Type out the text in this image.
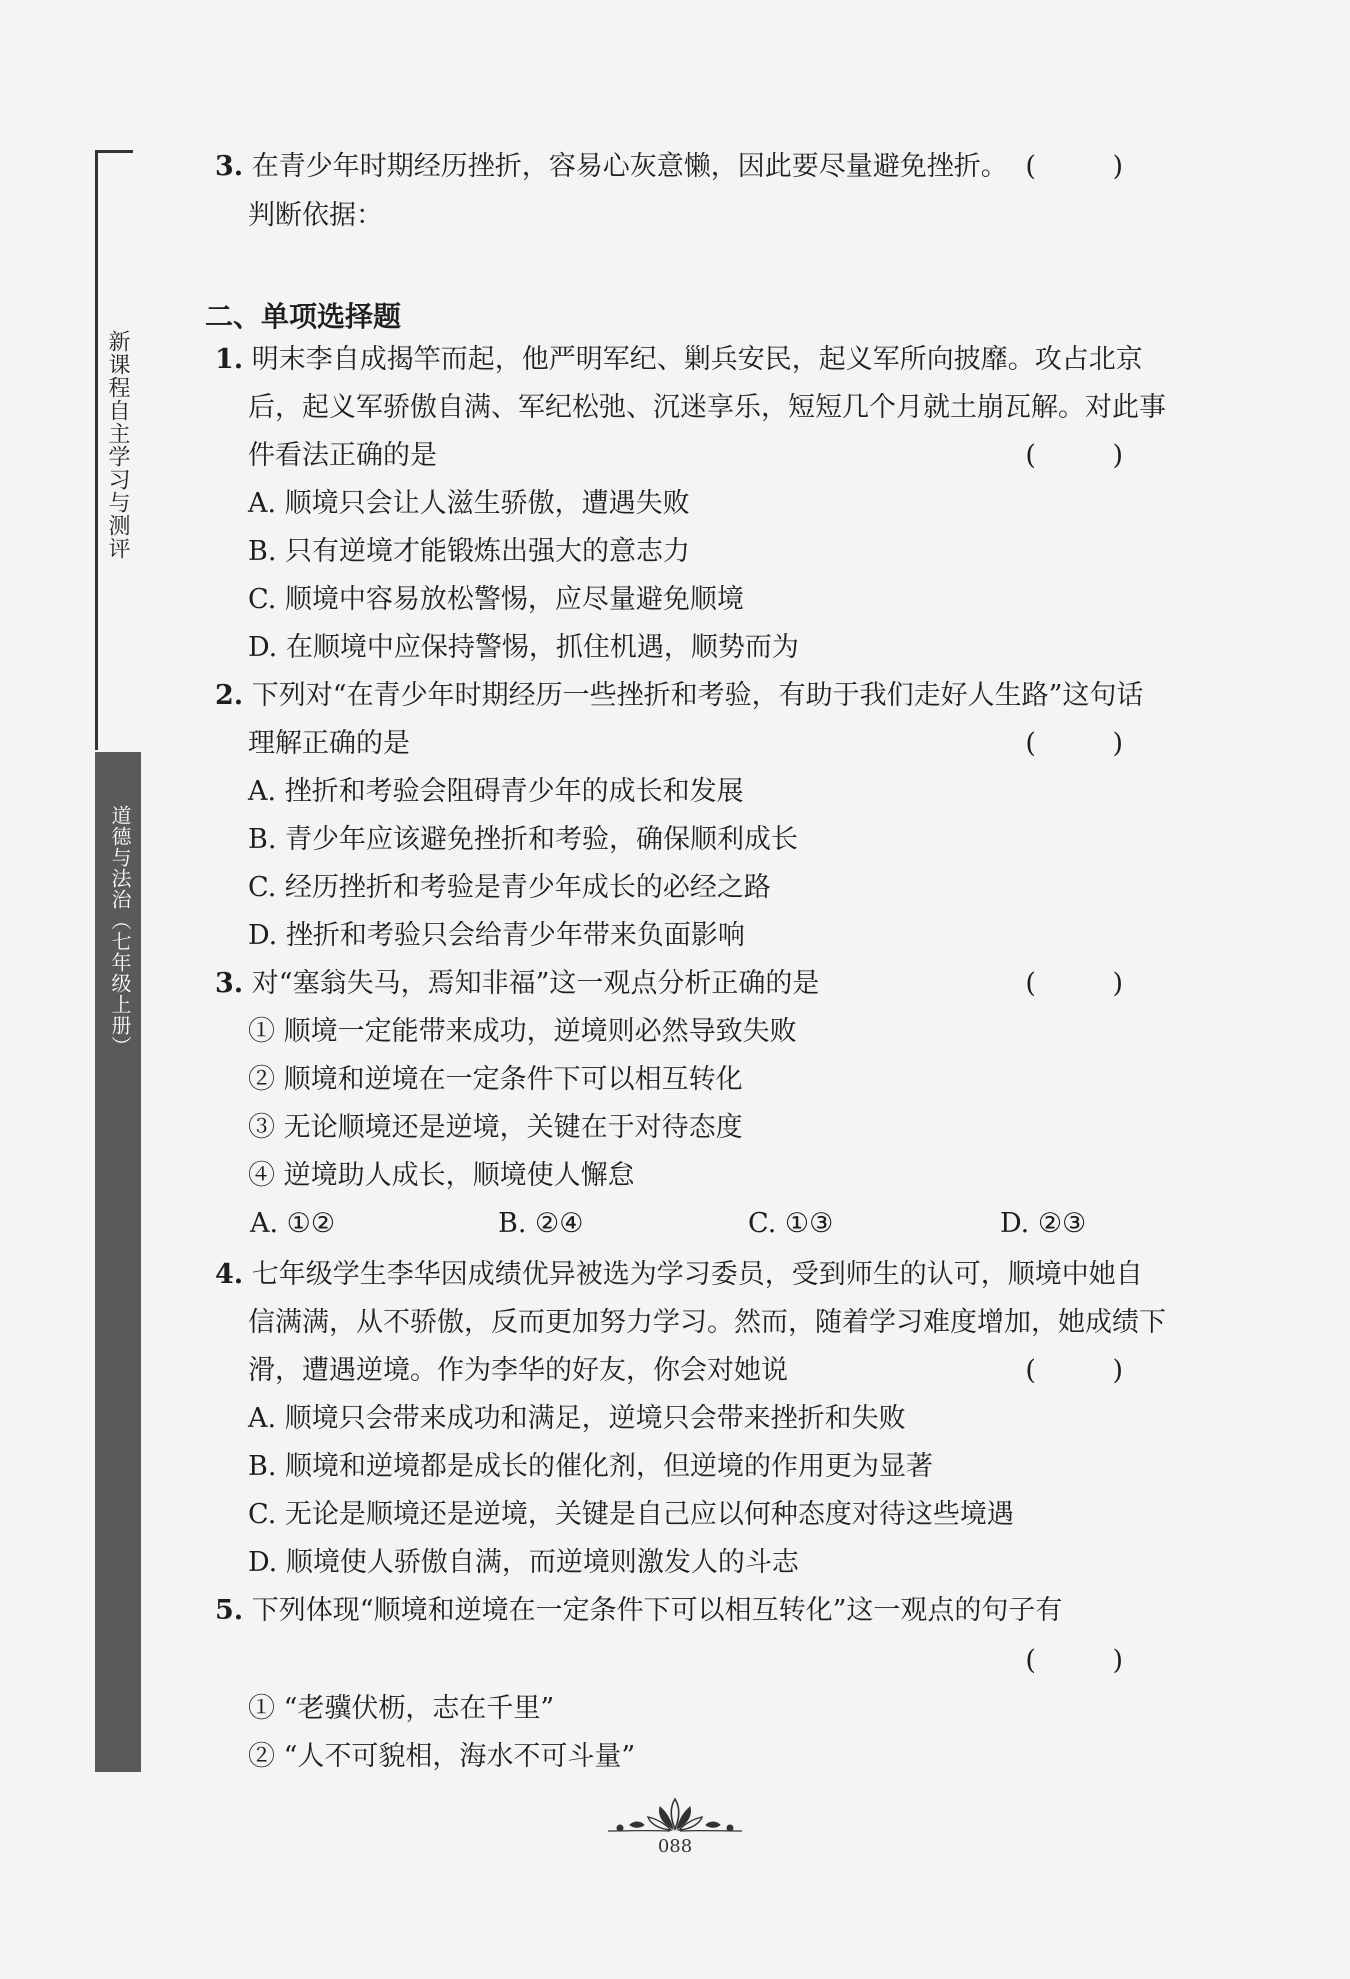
新课程自主学习与测评
道德与法治（七年级上册）
3. 在青少年时期经历挫折，容易心灰意懒，因此要尽量避免挫折。 ( )
判断依据：
二、单项选择题
1. 明末李自成揭竿而起，他严明军纪、剿兵安民，起义军所向披靡。攻占北京
后，起义军骄傲自满、军纪松弛、沉迷享乐，短短几个月就土崩瓦解。对此事
件看法正确的是	( )
A. 顺境只会让人滋生骄傲，遭遇失败
B. 只有逆境才能锻炼出强大的意志力
C. 顺境中容易放松警惕，应尽量避免顺境
D. 在顺境中应保持警惕，抓住机遇，顺势而为
2. 下列对“在青少年时期经历一些挫折和考验，有助于我们走好人生路”这句话
理解正确的是	( )
A. 挫折和考验会阻碍青少年的成长和发展
B. 青少年应该避免挫折和考验，确保顺利成长
C. 经历挫折和考验是青少年成长的必经之路
D. 挫折和考验只会给青少年带来负面影响
3. 对“塞翁失马，焉知非福”这一观点分析正确的是	( )
① 顺境一定能带来成功，逆境则必然导致失败
② 顺境和逆境在一定条件下可以相互转化
③ 无论顺境还是逆境，关键在于对待态度
④ 逆境助人成长，顺境使人懈怠
A. ①②	B. ②④	C. ①③	D. ②③
4. 七年级学生李华因成绩优异被选为学习委员，受到师生的认可，顺境中她自
信满满，从不骄傲，反而更加努力学习。然而，随着学习难度增加，她成绩下
滑，遭遇逆境。作为李华的好友，你会对她说	( )
A. 顺境只会带来成功和满足，逆境只会带来挫折和失败
B. 顺境和逆境都是成长的催化剂，但逆境的作用更为显著
C. 无论是顺境还是逆境，关键是自己应以何种态度对待这些境遇
D. 顺境使人骄傲自满，而逆境则激发人的斗志
5. 下列体现“顺境和逆境在一定条件下可以相互转化”这一观点的句子有
( )
① “老骥伏枥，志在千里”
② “人不可貌相，海水不可斗量”
088
